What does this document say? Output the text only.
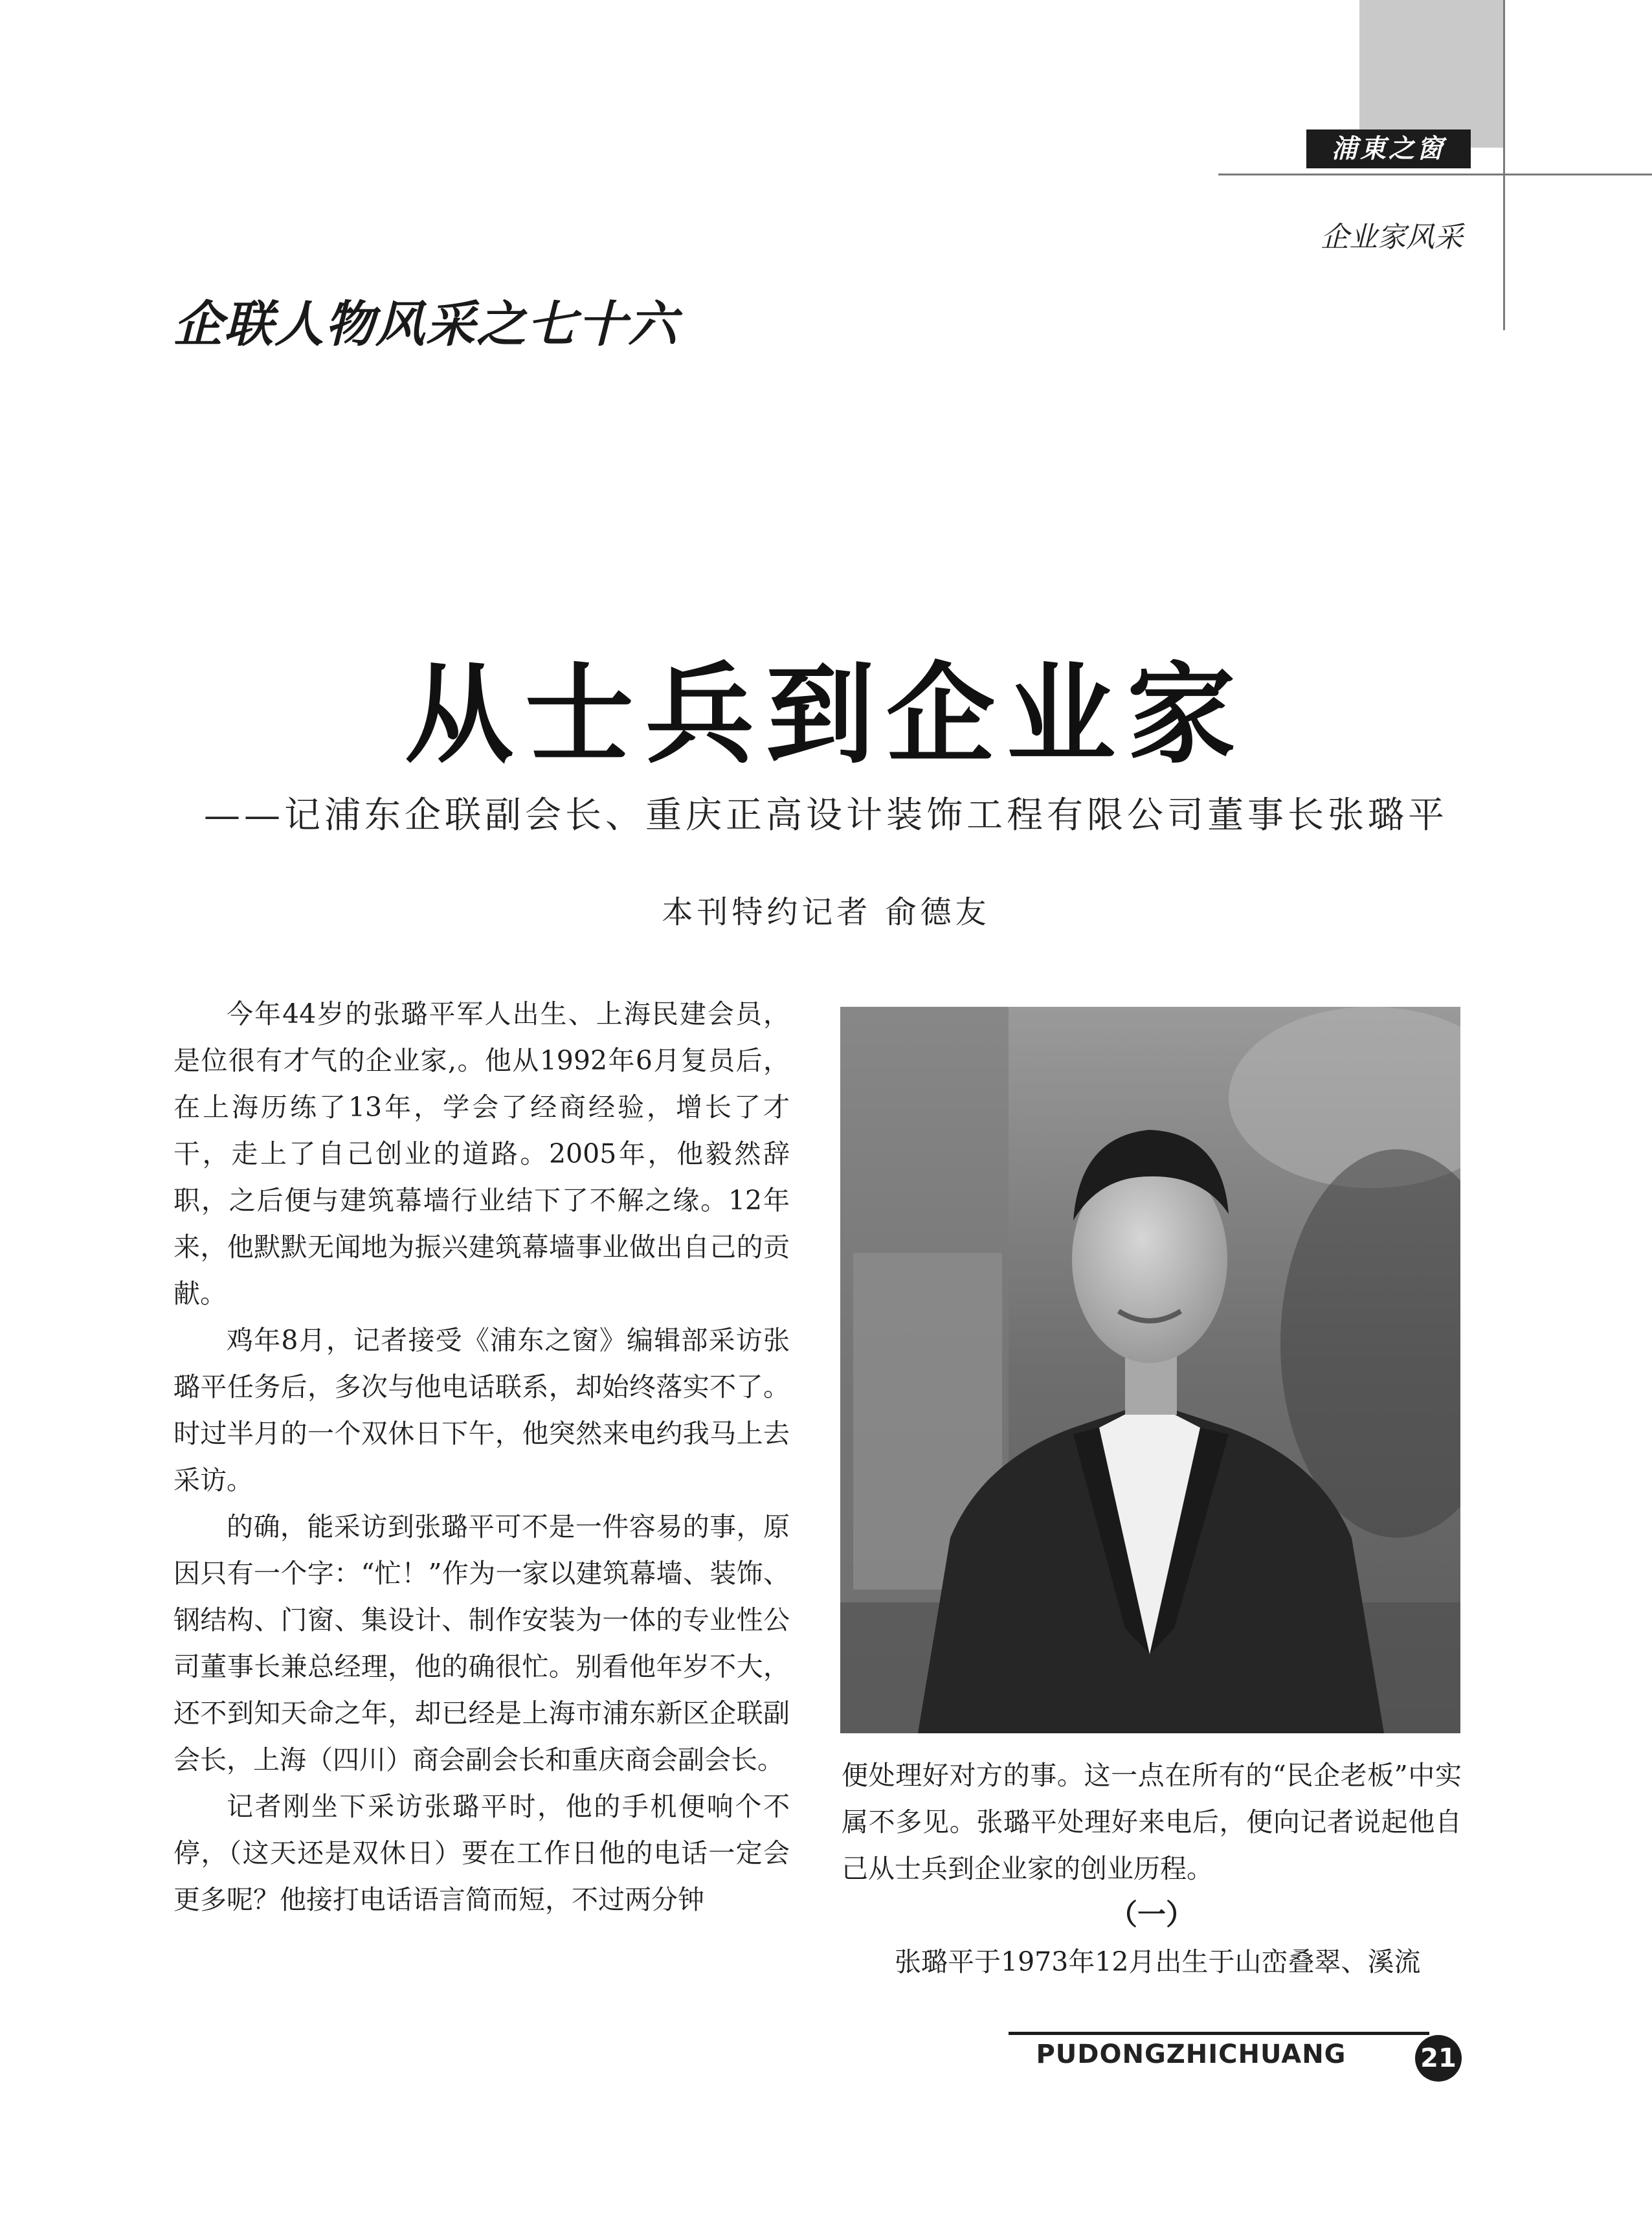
浦東之窗
企业家风采
企联人物风采之七十六
从士兵到企业家
——记浦东企联副会长、重庆正高设计装饰工程有限公司董事长张璐平
本刊特约记者 俞德友

今年44岁的张璐平军人出生、上海民建会员，是位很有才气的企业家,。他从1992年6月复员后，在上海历练了13年，学会了经商经验，增长了才干，走上了自己创业的道路。2005年，他毅然辞职，之后便与建筑幕墙行业结下了不解之缘。12年来，他默默无闻地为振兴建筑幕墙事业做出自己的贡献。

鸡年8月，记者接受《浦东之窗》编辑部采访张璐平任务后，多次与他电话联系，却始终落实不了。时过半月的一个双休日下午，他突然来电约我马上去采访。

的确，能采访到张璐平可不是一件容易的事，原因只有一个字：“忙！”作为一家以建筑幕墙、装饰、钢结构、门窗、集设计、制作安装为一体的专业性公司董事长兼总经理，他的确很忙。别看他年岁不大，还不到知天命之年，却已经是上海市浦东新区企联副会长，上海（四川）商会副会长和重庆商会副会长。

记者刚坐下采访张璐平时，他的手机便响个不停，（这天还是双休日）要在工作日他的电话一定会更多呢？他接打电话语言简而短，不过两分钟

便处理好对方的事。这一点在所有的“民企老板”中实属不多见。张璐平处理好来电后，便向记者说起他自己从士兵到企业家的创业历程。

（一）

张璐平于1973年12月出生于山峦叠翠、溪流

PUDONGZHICHUANG	21
